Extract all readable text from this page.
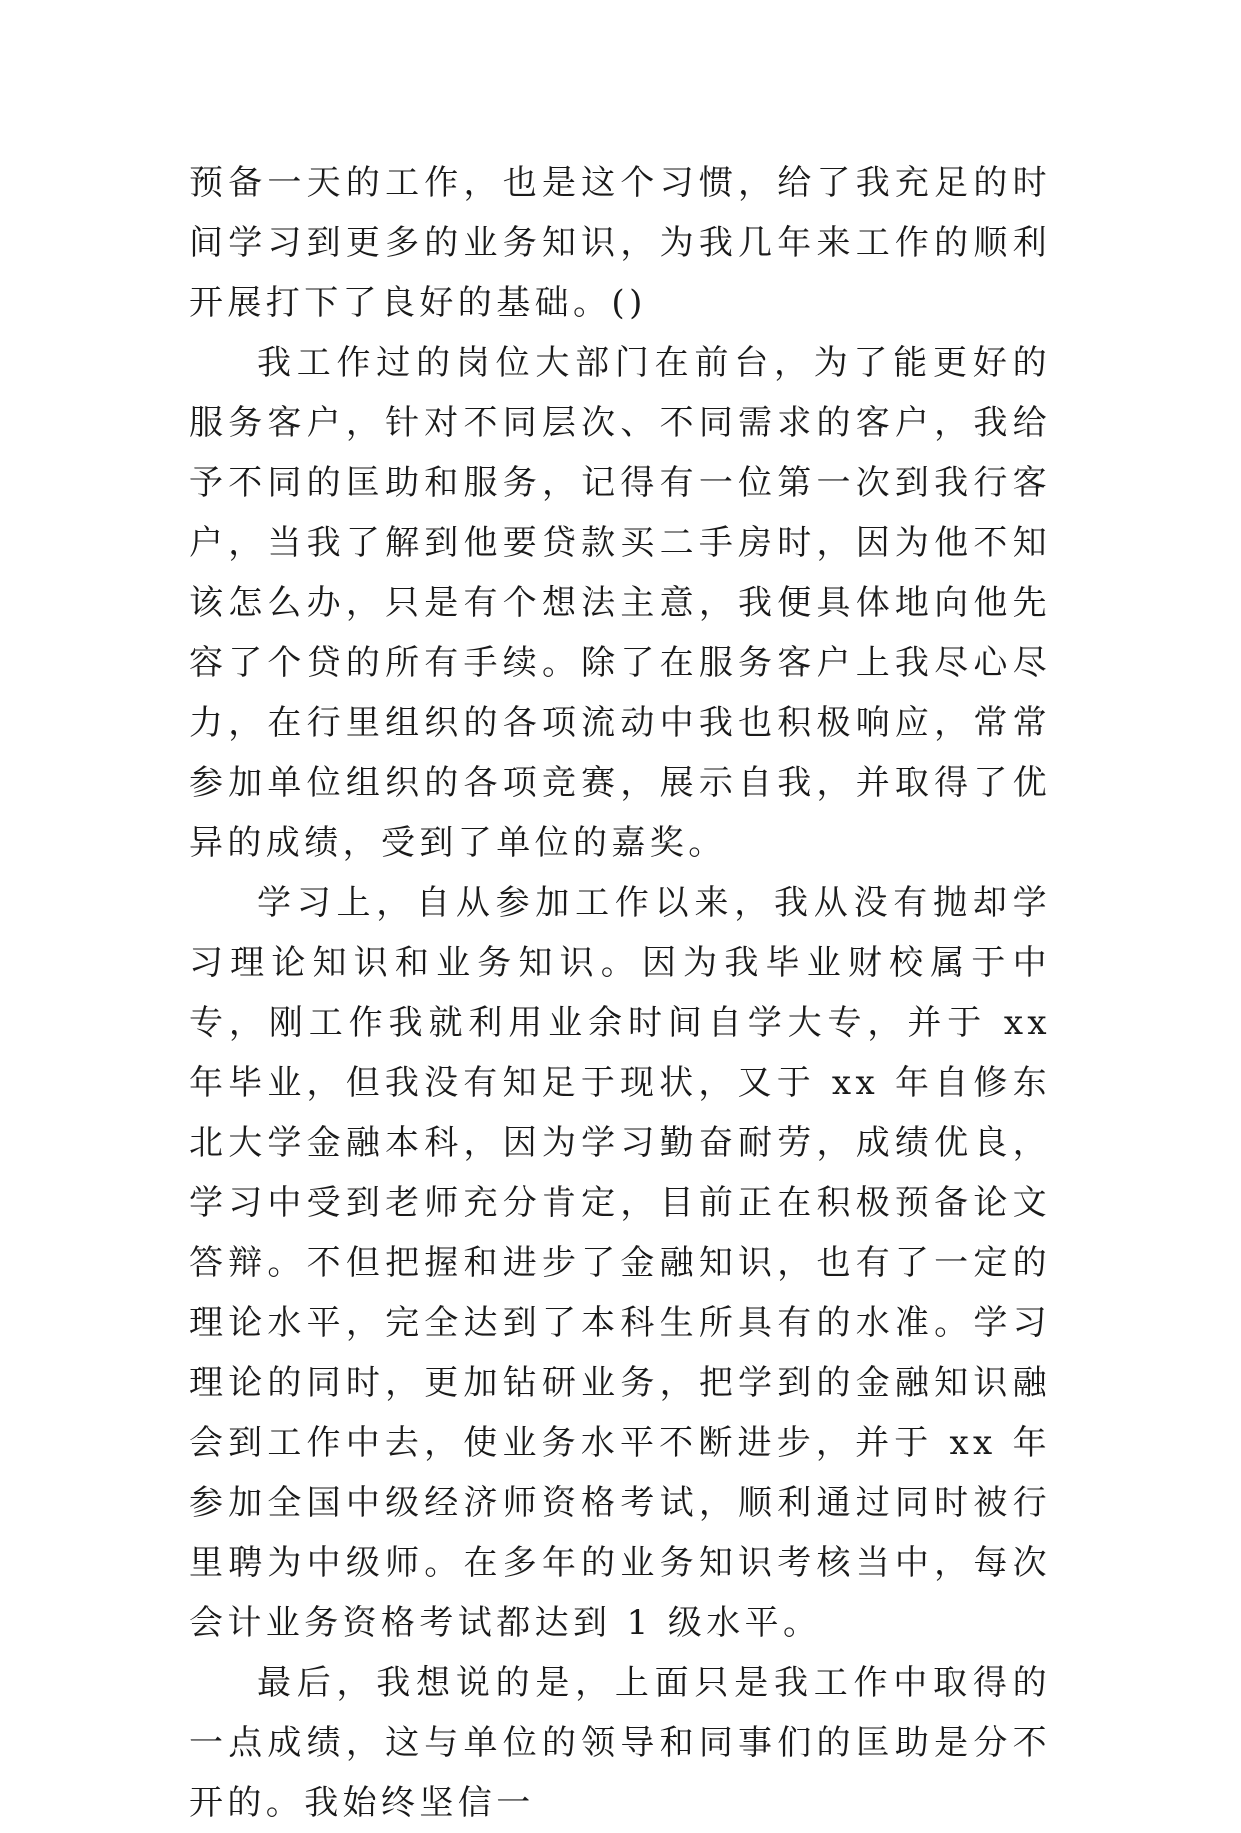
预备一天的工作，也是这个习惯，给了我充足的时间学习到更多的业务知识，为我几年来工作的顺利开展打下了良好的基础。()

我工作过的岗位大部门在前台，为了能更好的服务客户，针对不同层次、不同需求的客户，我给予不同的匡助和服务，记得有一位第一次到我行客户，当我了解到他要贷款买二手房时，因为他不知该怎么办，只是有个想法主意，我便具体地向他先容了个贷的所有手续。除了在服务客户上我尽心尽力，在行里组织的各项流动中我也积极响应，常常参加单位组织的各项竞赛，展示自我，并取得了优异的成绩，受到了单位的嘉奖。

学习上，自从参加工作以来，我从没有抛却学习理论知识和业务知识。因为我毕业财校属于中专，刚工作我就利用业余时间自学大专，并于 xx 年毕业，但我没有知足于现状，又于 xx 年自修东北大学金融本科，因为学习勤奋耐劳，成绩优良，学习中受到老师充分肯定，目前正在积极预备论文答辩。不但把握和进步了金融知识，也有了一定的理论水平，完全达到了本科生所具有的水准。学习理论的同时，更加钻研业务，把学到的金融知识融会到工作中去，使业务水平不断进步，并于 xx 年参加全国中级经济师资格考试，顺利通过同时被行里聘为中级师。在多年的业务知识考核当中，每次会计业务资格考试都达到 1 级水平。

最后，我想说的是，上面只是我工作中取得的一点成绩，这与单位的领导和同事们的匡助是分不开的。我始终坚信一
